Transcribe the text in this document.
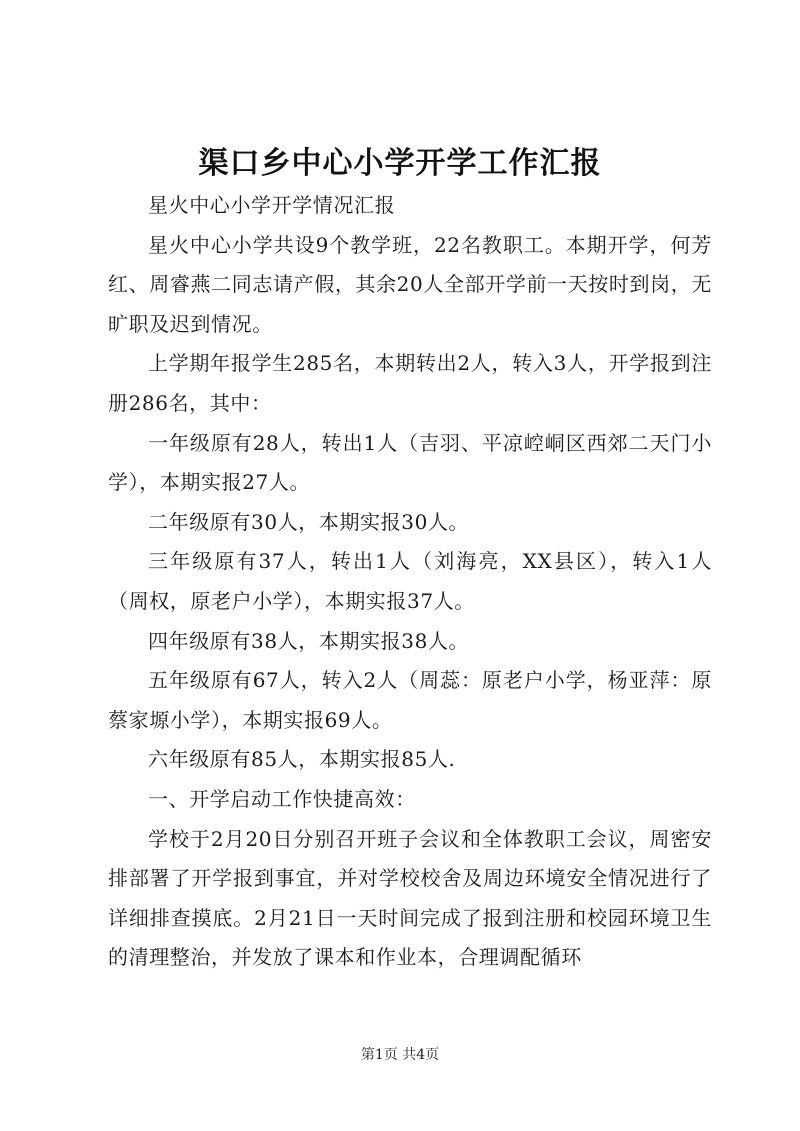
渠口乡中心小学开学工作汇报

星火中心小学开学情况汇报

星火中心小学共设9个教学班，22名教职工。本期开学，何芳红、周睿燕二同志请产假，其余20人全部开学前一天按时到岗，无旷职及迟到情况。

上学期年报学生285名，本期转出2人，转入3人，开学报到注册286名，其中：

一年级原有28人，转出1人（吉羽、平凉崆峒区西郊二天门小学），本期实报27人。

二年级原有30人，本期实报30人。

三年级原有37人，转出1人（刘海亮，XX县区），转入1人（周权，原老户小学），本期实报37人。

四年级原有38人，本期实报38人。

五年级原有67人，转入2人（周蕊：原老户小学，杨亚萍：原蔡家塬小学），本期实报69人。

六年级原有85人，本期实报85人.

一、开学启动工作快捷高效：

学校于2月20日分别召开班子会议和全体教职工会议，周密安排部署了开学报到事宜，并对学校校舍及周边环境安全情况进行了详细排查摸底。2月21日一天时间完成了报到注册和校园环境卫生的清理整治，并发放了课本和作业本，合理调配循环

第1页 共4页
